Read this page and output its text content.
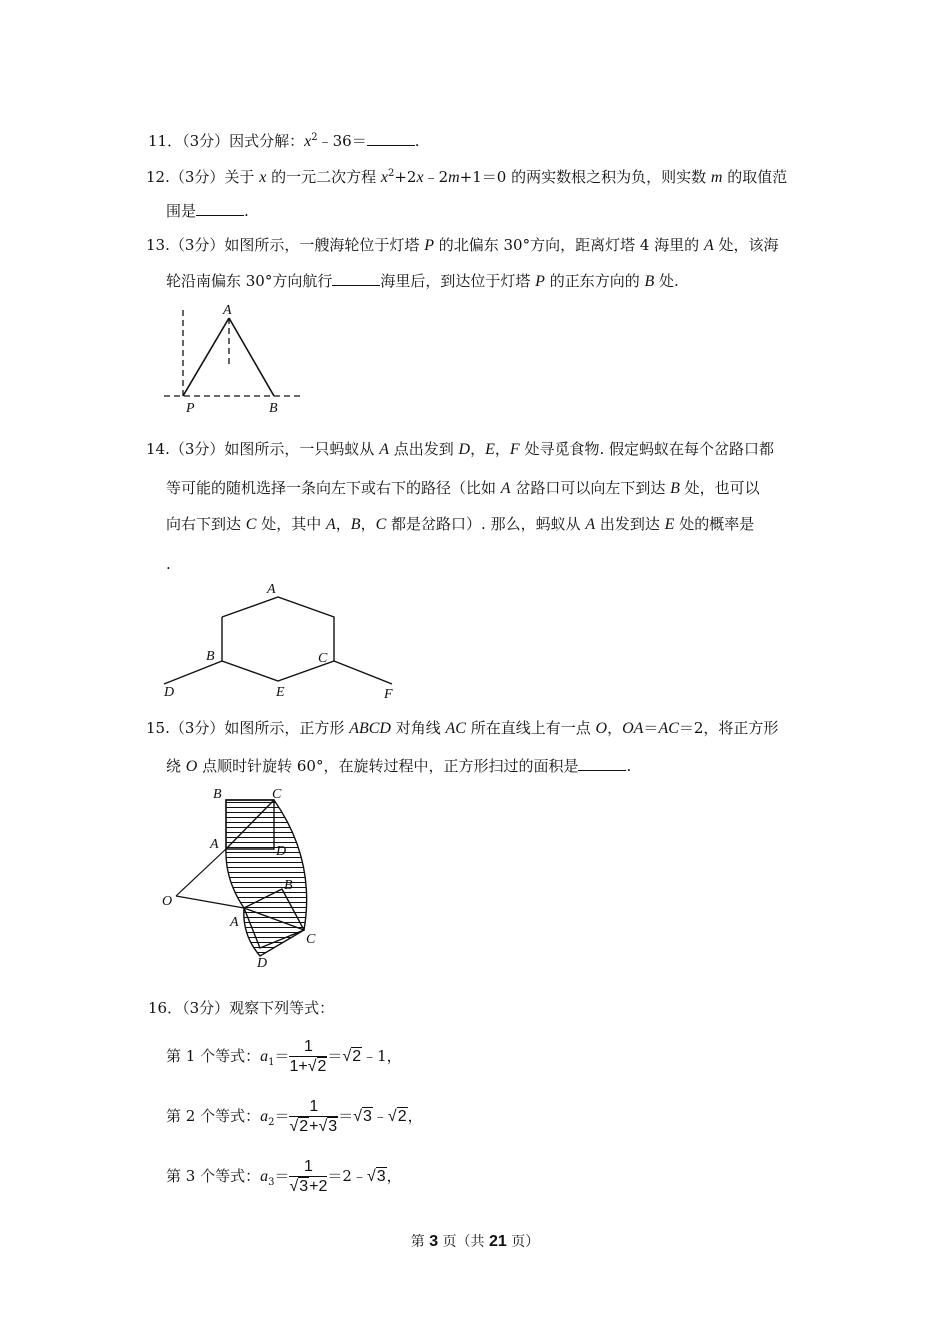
11．（3分）因式分解：$x^2﹣36=$	.
12.（3分）关于 x 的一元二次方程 $x^2+2x﹣2m+1=0$ 的两实数根之积为负，则实数 m 的取值范
围是	.
13.（3分）如图所示，一艘海轮位于灯塔 P 的北偏东 30°方向，距离灯塔 4 海里的 A 处，该海
轮沿南偏东 30°方向航行	海里后，到达位于灯塔 P 的正东方向的 B 处.
A
P	B
14.（3分）如图所示，一只蚂蚁从 A 点出发到 D，E，F 处寻觅食物. 假定蚂蚁在每个岔路口都
等可能的随机选择一条向左下或右下的路径（比如 A 岔路口可以向左下到达 B 处，也可以
向右下到达 C 处，其中 A，B，C 都是岔路口）. 那么，蚂蚁从 A 出发到达 E 处的概率是
.
A
B	C
D	E	F
15.（3分）如图所示，正方形 ABCD 对角线 AC 所在直线上有一点 O，OA＝AC＝2，将正方形
绕 O 点顺时针旋转 60°，在旋转过程中，正方形扫过的面积是	.
B	C
A	D
O
B
A
C
D
16．（3分）观察下列等式：
第 1 个等式：$a_1= \frac{1}{1+√2}$ ＝√2﹣1，
第 2 个等式：$a_2= \frac{1}{√2+√3}$ ＝√3﹣√2，
第 3 个等式：$a_3= \frac{1}{√3+2}$ ＝2﹣√3，
第 3 页（共 21 页）
